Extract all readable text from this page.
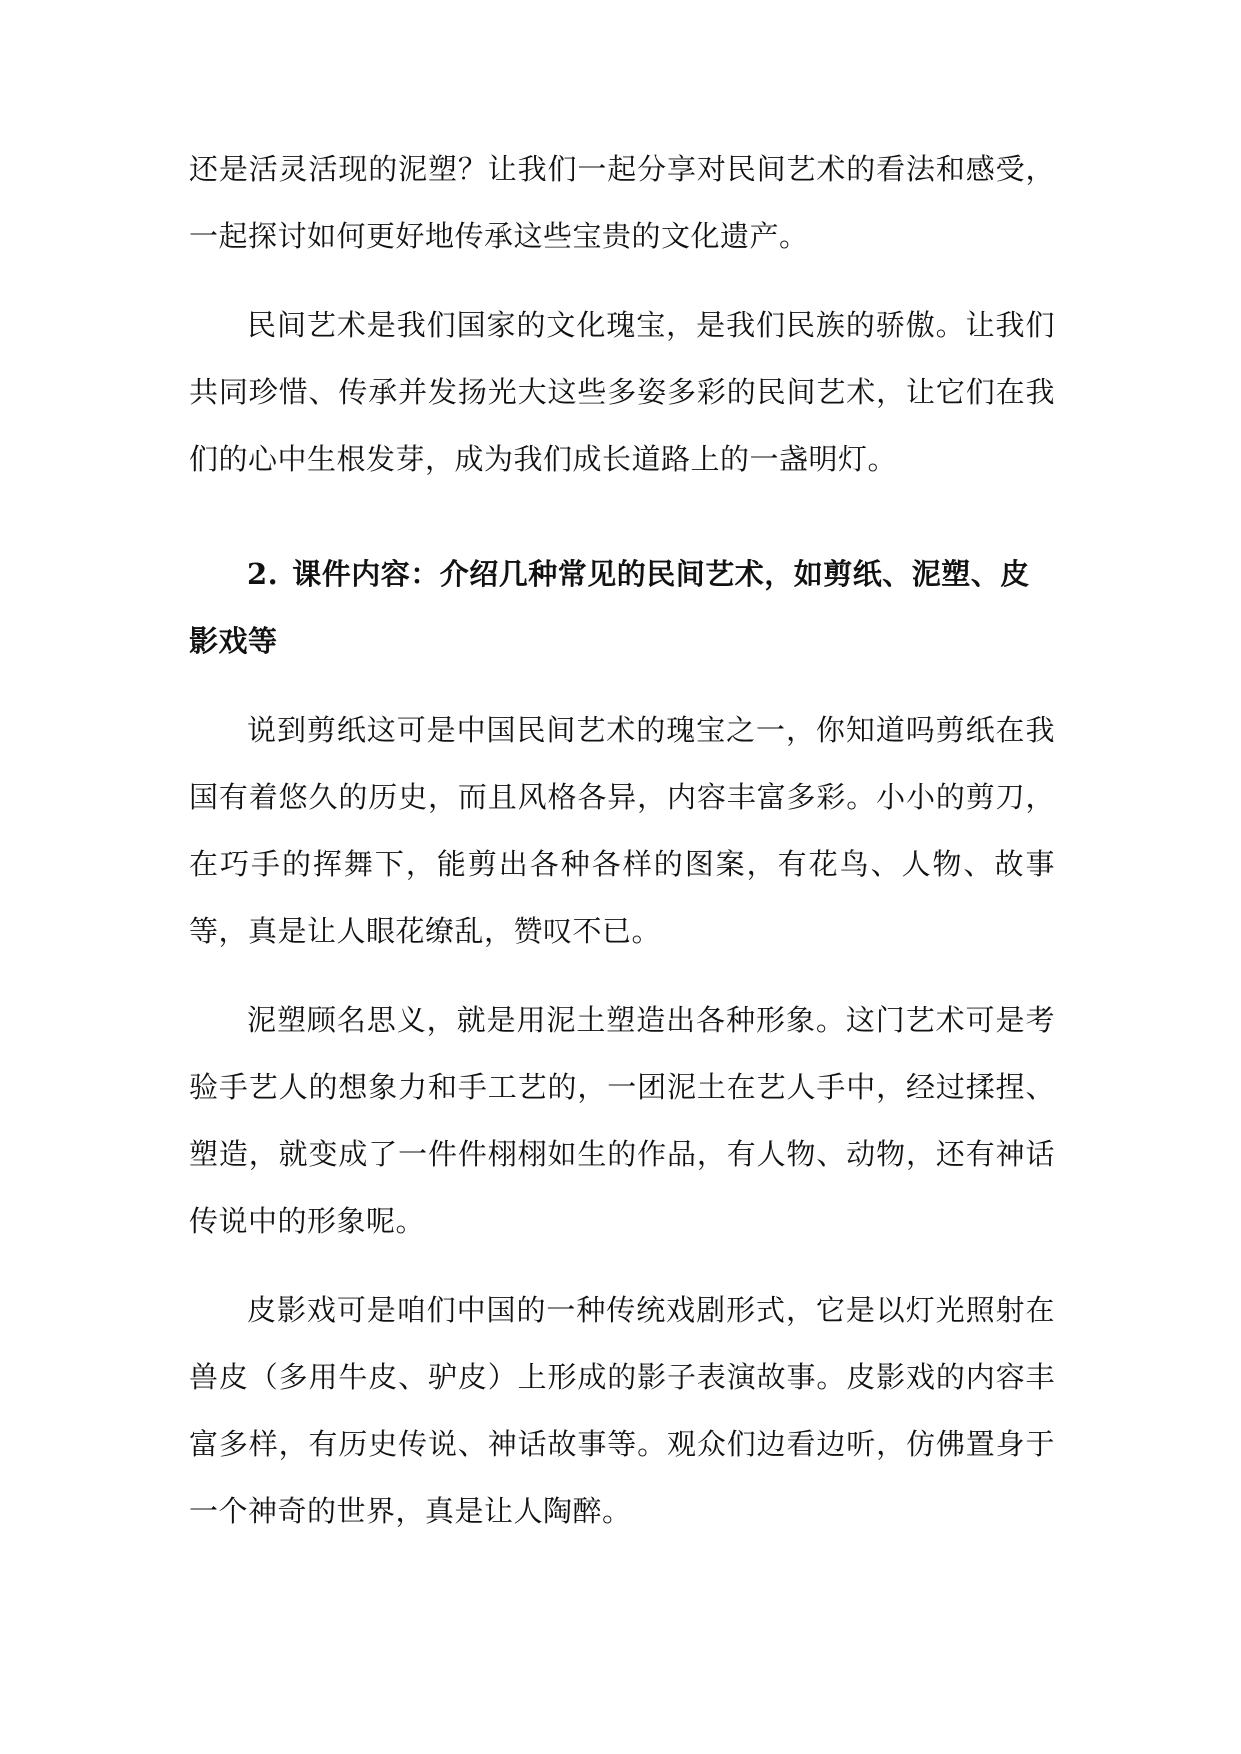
还是活灵活现的泥塑？让我们一起分享对民间艺术的看法和感受，一起探讨如何更好地传承这些宝贵的文化遗产。

民间艺术是我们国家的文化瑰宝，是我们民族的骄傲。让我们共同珍惜、传承并发扬光大这些多姿多彩的民间艺术，让它们在我们的心中生根发芽，成为我们成长道路上的一盏明灯。

2. 课件内容：介绍几种常见的民间艺术，如剪纸、泥塑、皮影戏等

说到剪纸这可是中国民间艺术的瑰宝之一，你知道吗剪纸在我国有着悠久的历史，而且风格各异，内容丰富多彩。小小的剪刀，在巧手的挥舞下，能剪出各种各样的图案，有花鸟、人物、故事等，真是让人眼花缭乱，赞叹不已。

泥塑顾名思义，就是用泥土塑造出各种形象。这门艺术可是考验手艺人的想象力和手工艺的，一团泥土在艺人手中，经过揉捏、塑造，就变成了一件件栩栩如生的作品，有人物、动物，还有神话传说中的形象呢。

皮影戏可是咱们中国的一种传统戏剧形式，它是以灯光照射在兽皮（多用牛皮、驴皮）上形成的影子表演故事。皮影戏的内容丰富多样，有历史传说、神话故事等。观众们边看边听，仿佛置身于一个神奇的世界，真是让人陶醉。
